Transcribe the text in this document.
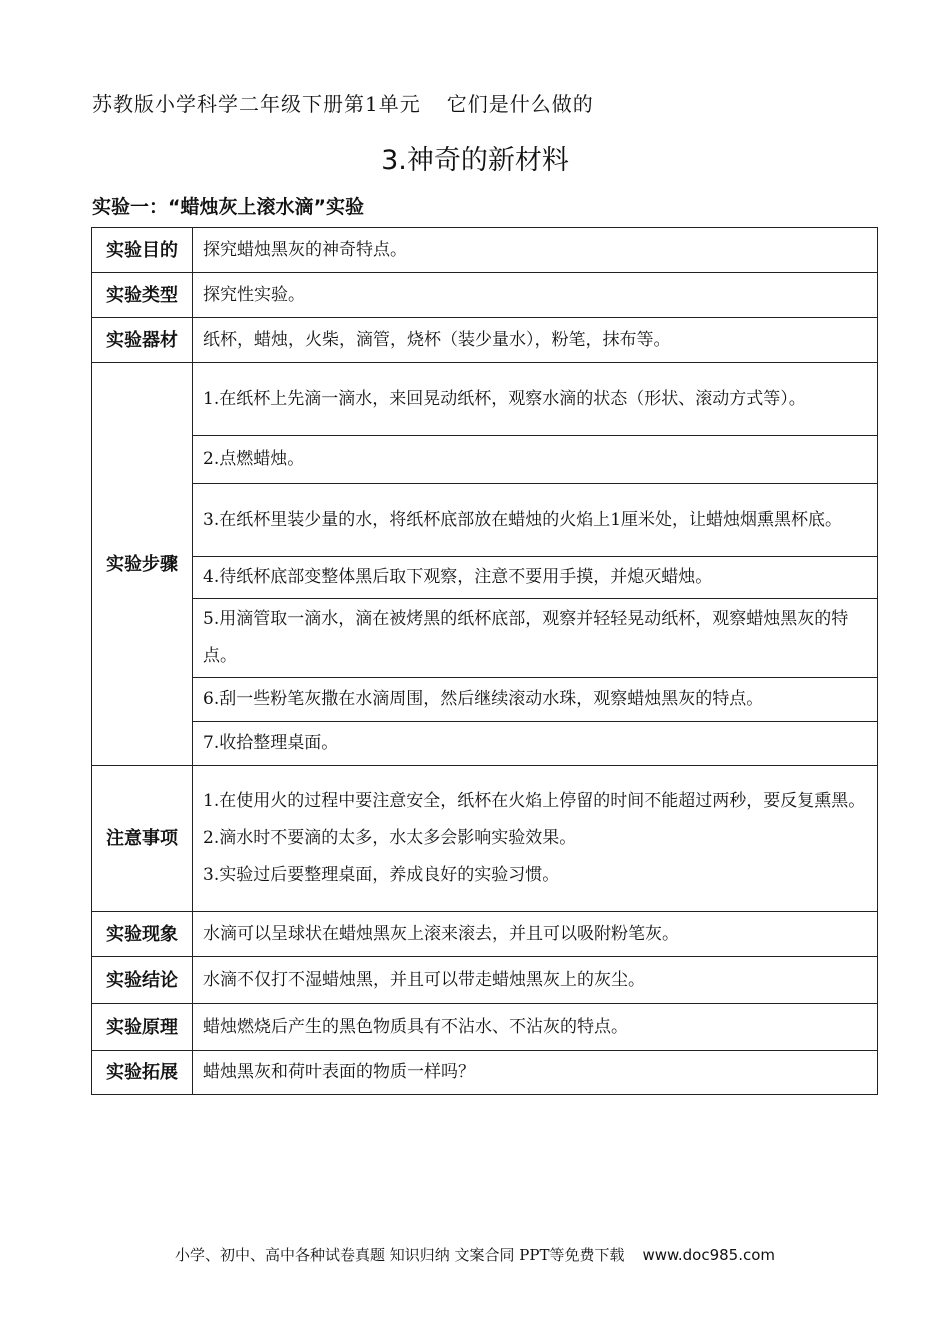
苏教版小学科学二年级下册第1单元 它们是什么做的
3.神奇的新材料
实验一：“蜡烛灰上滚水滴”实验
实验目的	探究蜡烛黑灰的神奇特点。
实验类型	探究性实验。
实验器材	纸杯，蜡烛，火柴，滴管，烧杯（装少量水），粉笔，抹布等。
实验步骤	1.在纸杯上先滴一滴水，来回晃动纸杯，观察水滴的状态（形状、滚动方式等）。
	2.点燃蜡烛。
	3.在纸杯里装少量的水，将纸杯底部放在蜡烛的火焰上1厘米处，让蜡烛烟熏黑杯底。
	4.待纸杯底部变整体黑后取下观察，注意不要用手摸，并熄灭蜡烛。
	5.用滴管取一滴水，滴在被烤黑的纸杯底部，观察并轻轻晃动纸杯，观察蜡烛黑灰的特点。
	6.刮一些粉笔灰撒在水滴周围，然后继续滚动水珠，观察蜡烛黑灰的特点。
	7.收拾整理桌面。
注意事项	1.在使用火的过程中要注意安全，纸杯在火焰上停留的时间不能超过两秒，要反复熏黑。
2.滴水时不要滴的太多，水太多会影响实验效果。
3.实验过后要整理桌面，养成良好的实验习惯。

实验现象	水滴可以呈球状在蜡烛黑灰上滚来滚去，并且可以吸附粉笔灰。
实验结论	水滴不仅打不湿蜡烛黑，并且可以带走蜡烛黑灰上的灰尘。
实验原理	蜡烛燃烧后产生的黑色物质具有不沾水、不沾灰的特点。
实验拓展	蜡烛黑灰和荷叶表面的物质一样吗？
小学、初中、高中各种试卷真题 知识归纳 文案合同 PPT等免费下载 www.doc985.com
